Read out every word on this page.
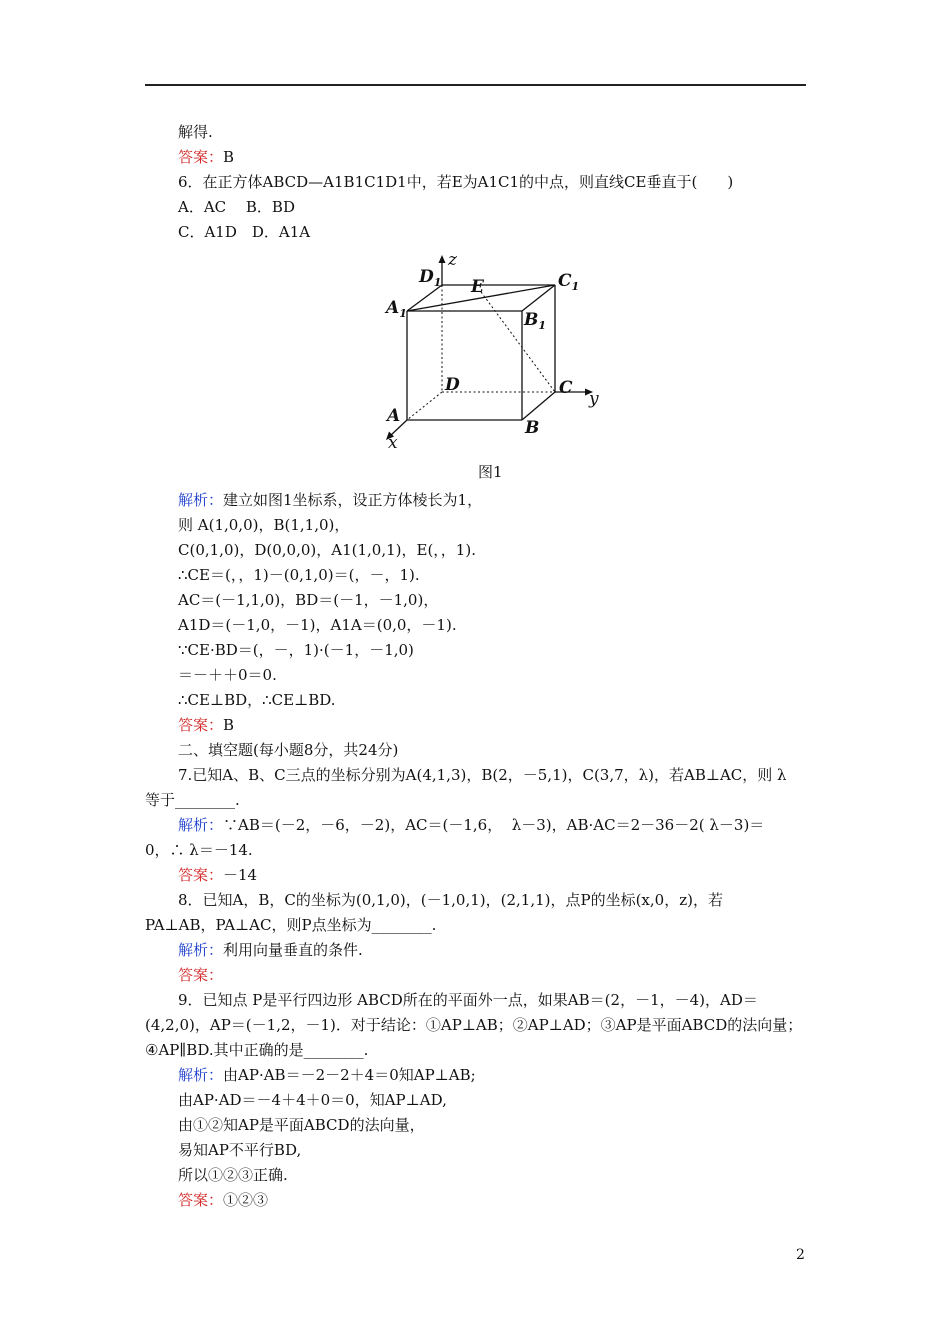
解得.
答案：B
6．在正方体ABCD—A1B1C1D1中，若E为A1C1的中点，则直线CE垂直于(　　)
A．AC　 B．BD
C．A1D　D．A1A
$D_1$
z
E	$C_1$
$A_1$	$B_1$
D	C
y
A
B
x
图1
解析：建立如图1坐标系，设正方体棱长为1，
则 A(1,0,0)，B(1,1,0)，
C(0,1,0)，D(0,0,0)，A1(1,0,1)，E(，，1).
∴CE＝(，，1)－(0,1,0)＝(，－，1).
AC＝(－1,1,0)，BD＝(－1，－1,0)，
A1D＝(－1,0，－1)，A1A＝(0,0，－1).
∵CE·BD＝(，－，1)·(－1，－1,0)
＝－＋＋0＝0.
∴CE⊥BD，∴CE⊥BD.
答案：B
二、填空题(每小题8分，共24分)
7.已知A、B、C三点的坐标分别为A(4,1,3)，B(2，－5,1)，C(3,7，λ)，若AB⊥AC，则 λ
等于________.
解析：∵AB＝(－2，－6，－2)，AC＝(－1,6，  λ－3)，AB·AC＝2－36－2( λ－3)＝
0，∴ λ＝－14.
答案：－14
8．已知A，B，C的坐标为(0,1,0)，(－1,0,1)，(2,1,1)，点P的坐标(x,0，z)，若
PA⊥AB，PA⊥AC，则P点坐标为________.
解析：利用向量垂直的条件.
答案：
9．已知点 P是平行四边形 ABCD所在的平面外一点，如果AB＝(2，－1，－4)，AD＝
(4,2,0)，AP＝(－1,2，－1)．对于结论：①AP⊥AB；②AP⊥AD；③AP是平面ABCD的法向量；
④AP∥BD.其中正确的是________.
解析：由AP·AB＝－2－2＋4＝0知AP⊥AB;
由AP·AD＝－4＋4＋0＝0，知AP⊥AD,
由①②知AP是平面ABCD的法向量，
易知AP不平行BD,
所以①②③正确.
答案：①②③
2
